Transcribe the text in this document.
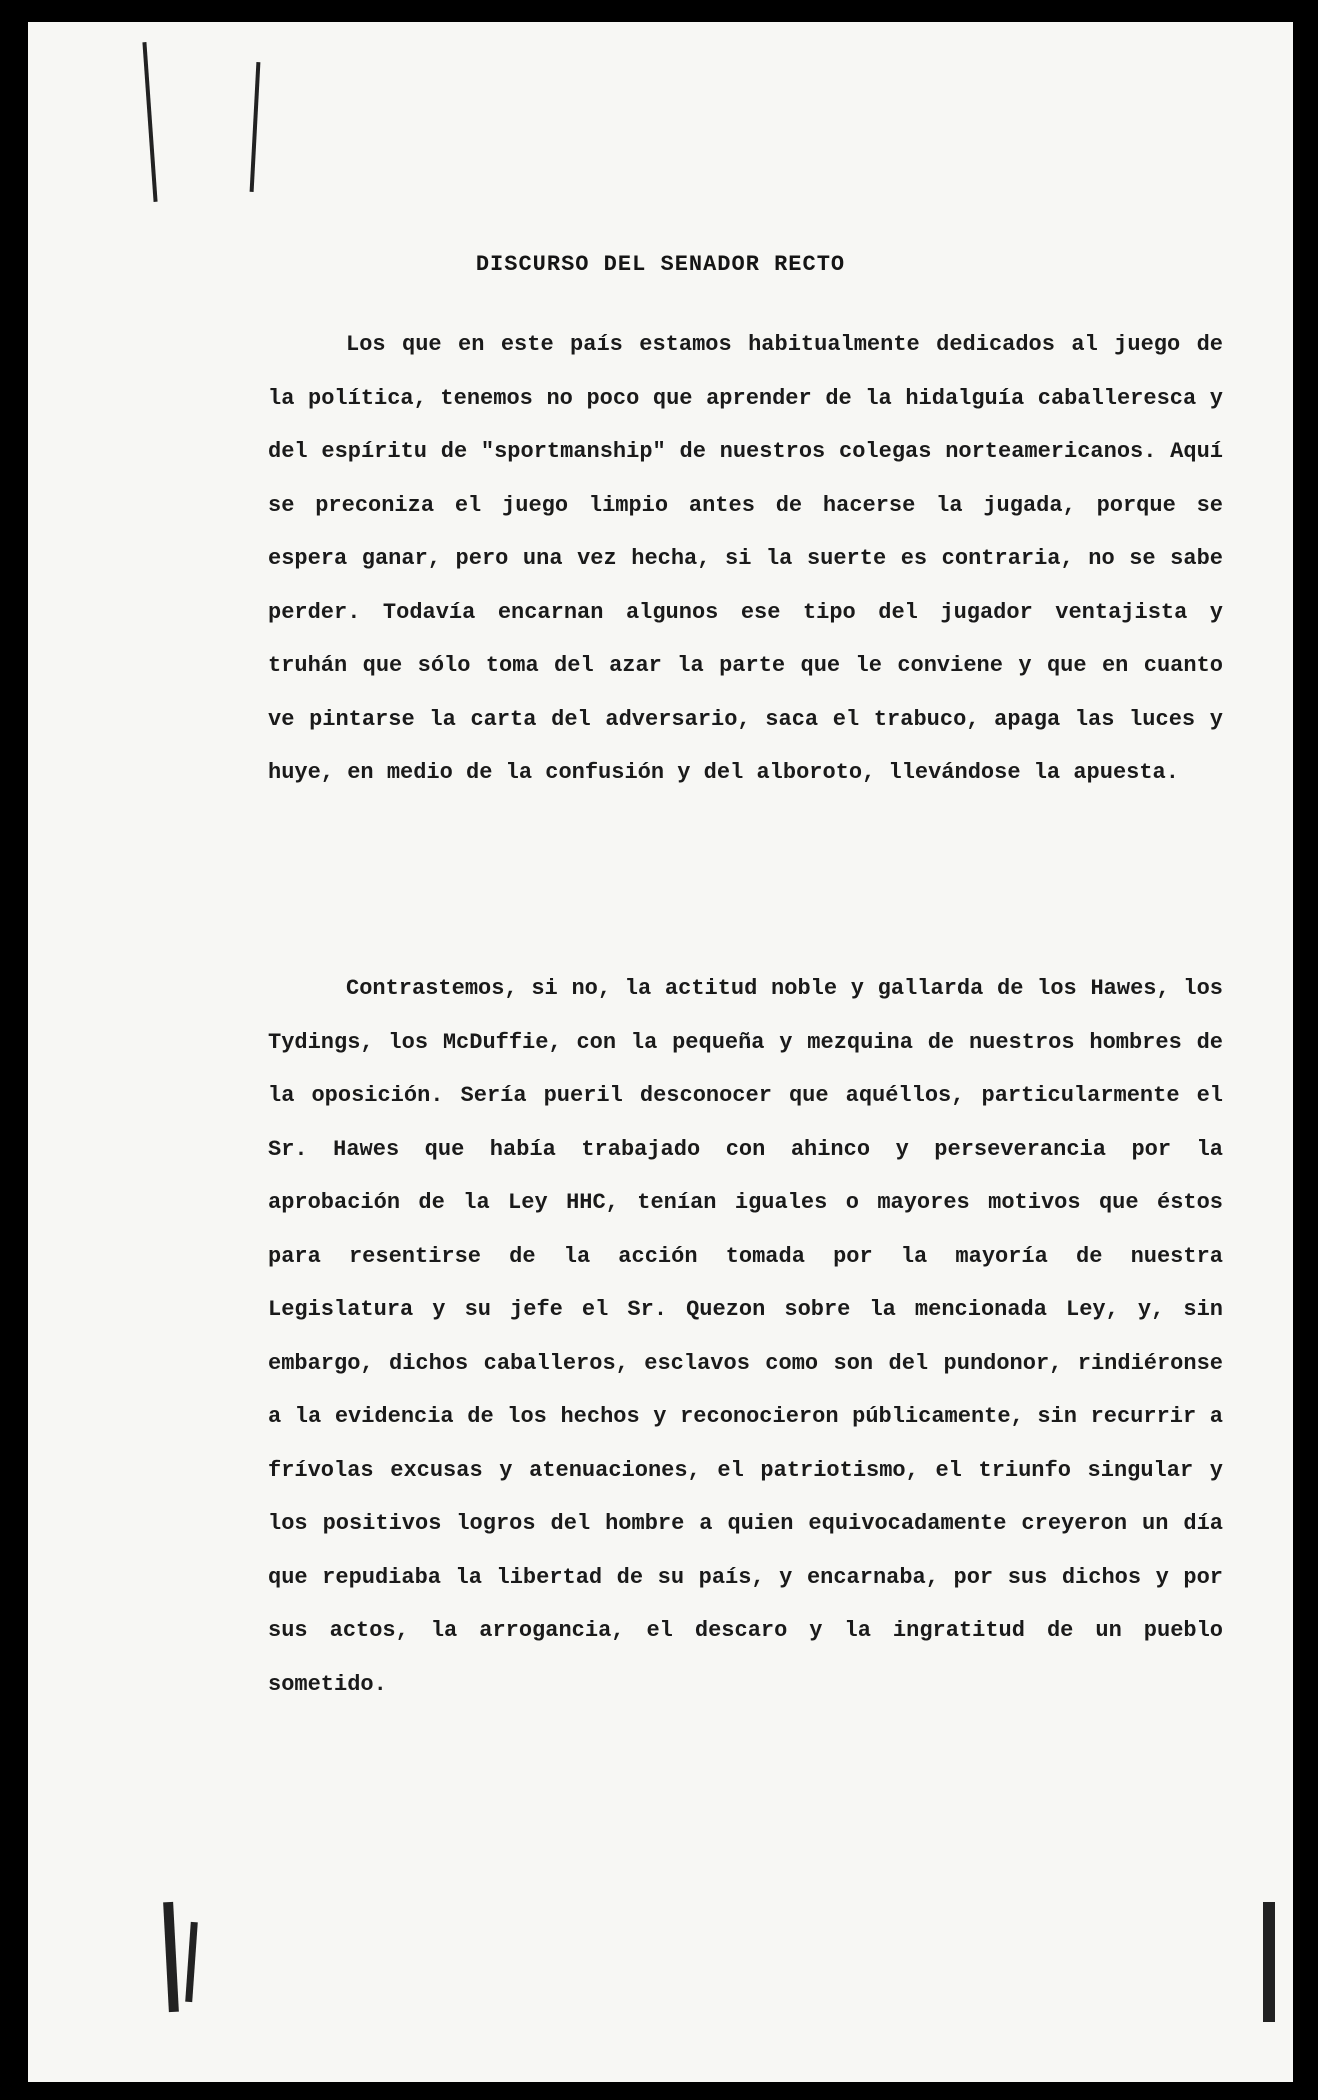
DISCURSO DEL SENADOR RECTO

Los que en este país estamos habitualmente dedicados al juego de la política, tenemos no poco que aprender de la hidalguía caballeresca y del espíritu de "sportmanship" de nuestros colegas norteamericanos. Aquí se preconiza el juego limpio antes de hacerse la jugada, porque se espera ganar, pero una vez hecha, si la suerte es contraria, no se sabe perder. Todavía encarnan algunos ese tipo del jugador ventajista y truhán que sólo toma del azar la parte que le conviene y que en cuanto ve pintarse la carta del adversario, saca el trabuco, apaga las luces y huye, en medio de la confusión y del alboroto, llevándose la apuesta.

Contrastemos, si no, la actitud noble y gallarda de los Hawes, los Tydings, los McDuffie, con la pequeña y mezquina de nuestros hombres de la oposición. Sería pueril desconocer que aquéllos, particularmente el Sr. Hawes que había trabajado con ahinco y perseverancia por la aprobación de la Ley HHC, tenían iguales o mayores motivos que éstos para resentirse de la acción tomada por la mayoría de nuestra Legislatura y su jefe el Sr. Quezon sobre la mencionada Ley, y, sin embargo, dichos caballeros, esclavos como son del pundonor, rindiéronse a la evidencia de los hechos y reconocieron públicamente, sin recurrir a frívolas excusas y atenuaciones, el patriotismo, el triunfo singular y los positivos logros del hombre a quien equivocadamente creyeron un día que repudiaba la libertad de su país, y encarnaba, por sus dichos y por sus actos, la arrogancia, el descaro y la ingratitud de un pueblo sometido.
